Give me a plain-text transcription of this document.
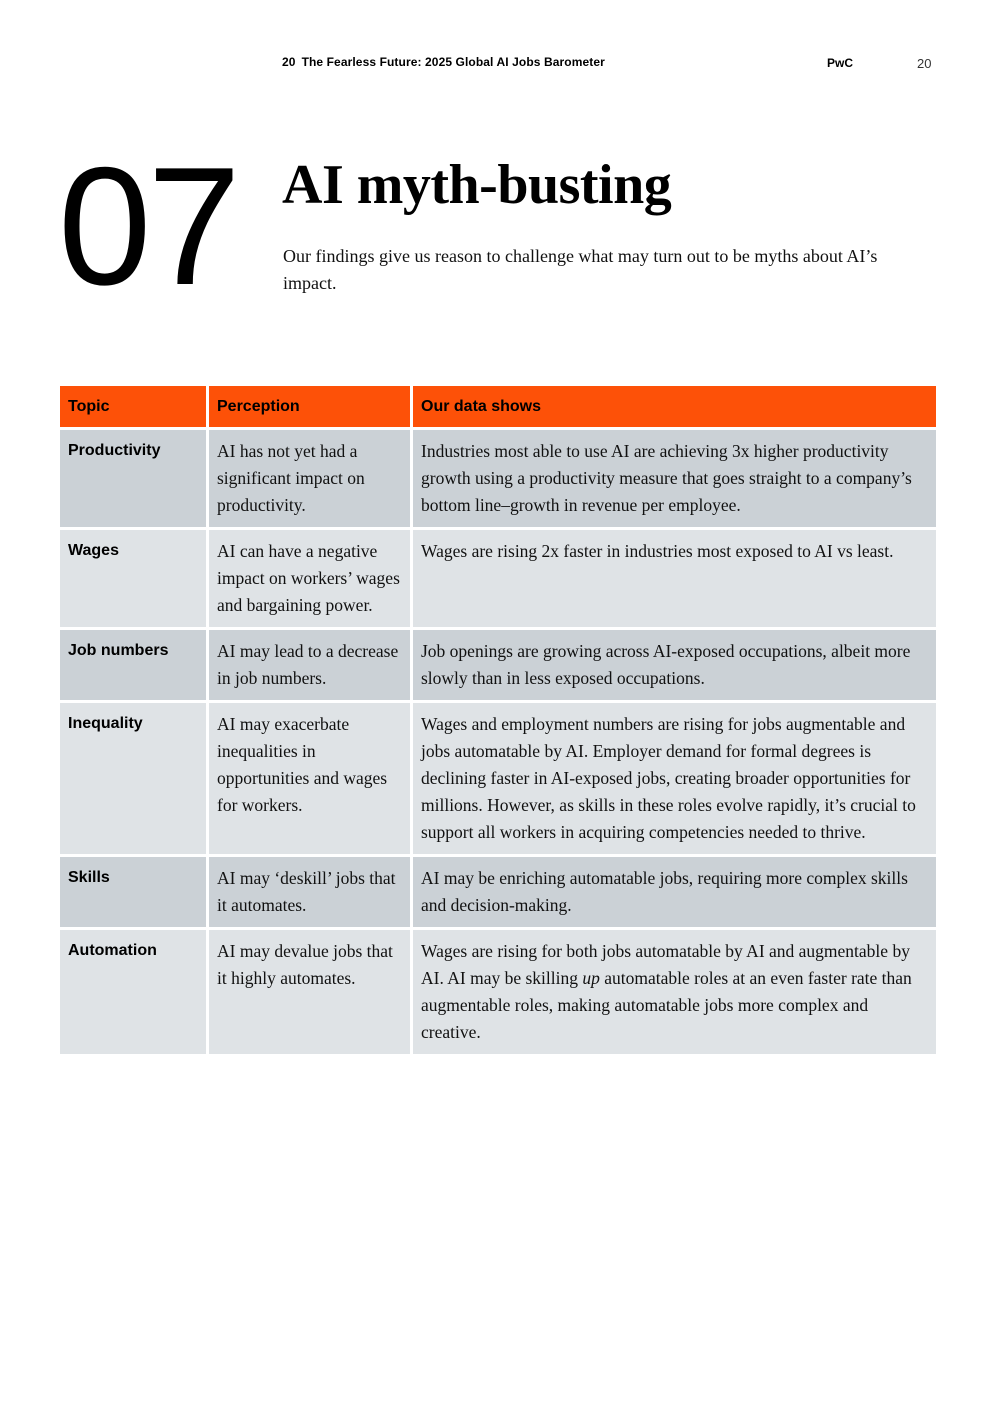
20 The Fearless Future: 2025 Global AI Jobs Barometer	PwC	20
07 AI myth-busting
Our findings give us reason to challenge what may turn out to be myths about AI’s impact.
Topic	Perception	Our data shows
Productivity	AI has not yet had a significant impact on productivity.	Industries most able to use AI are achieving 3x higher productivity growth using a productivity measure that goes straight to a company’s bottom line–growth in revenue per employee.
Wages	AI can have a negative impact on workers’ wages and bargaining power.	Wages are rising 2x faster in industries most exposed to AI vs least.
Job numbers	AI may lead to a decrease in job numbers.	Job openings are growing across AI-exposed occupations, albeit more slowly than in less exposed occupations.
Inequality	AI may exacerbate inequalities in opportunities and wages for workers.	Wages and employment numbers are rising for jobs augmentable and jobs automatable by AI. Employer demand for formal degrees is declining faster in AI-exposed jobs, creating broader opportunities for millions. However, as skills in these roles evolve rapidly, it’s crucial to support all workers in acquiring competencies needed to thrive.
Skills	AI may ‘deskill’ jobs that it automates.	AI may be enriching automatable jobs, requiring more complex skills and decision-making.
Automation	AI may devalue jobs that it highly automates.	Wages are rising for both jobs automatable by AI and augmentable by AI. AI may be skilling up automatable roles at an even faster rate than augmentable roles, making automatable jobs more complex and creative.
